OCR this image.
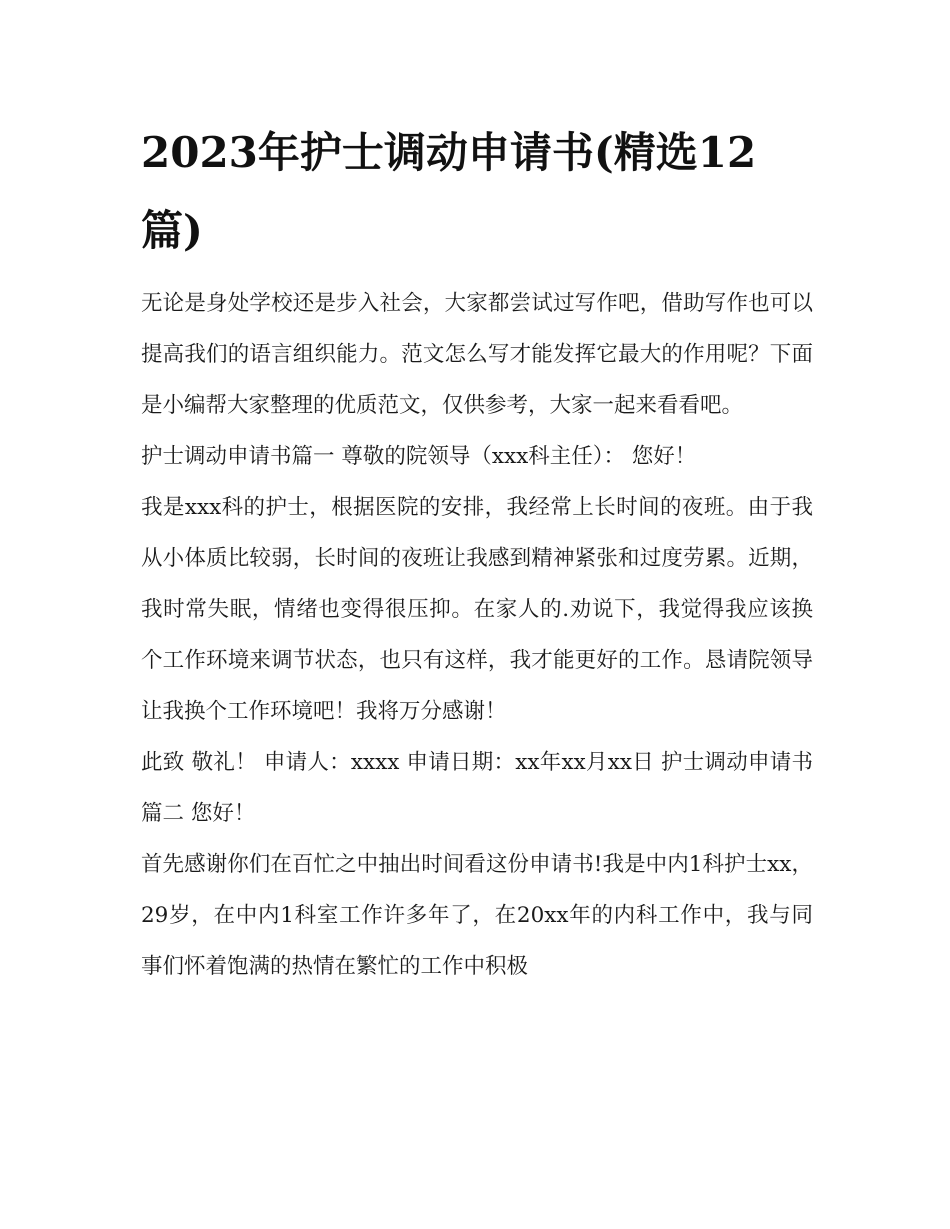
2023年护士调动申请书(精选12篇)

无论是身处学校还是步入社会，大家都尝试过写作吧，借助写作也可以提高我们的语言组织能力。范文怎么写才能发挥它最大的作用呢？下面是小编帮大家整理的优质范文，仅供参考，大家一起来看看吧。

护士调动申请书篇一 尊敬的院领导（xxx科主任）： 您好！

我是xxx科的护士，根据医院的安排，我经常上长时间的夜班。由于我从小体质比较弱，长时间的夜班让我感到精神紧张和过度劳累。近期，我时常失眠，情绪也变得很压抑。在家人的.劝说下，我觉得我应该换个工作环境来调节状态，也只有这样，我才能更好的工作。恳请院领导让我换个工作环境吧！我将万分感谢！

此致 敬礼！ 申请人：xxxx 申请日期：xx年xx月xx日 护士调动申请书篇二 您好！

首先感谢你们在百忙之中抽出时间看这份申请书!我是中内1科护士xx，29岁，在中内1科室工作许多年了，在20xx年的内科工作中，我与同事们怀着饱满的热情在繁忙的工作中积极
